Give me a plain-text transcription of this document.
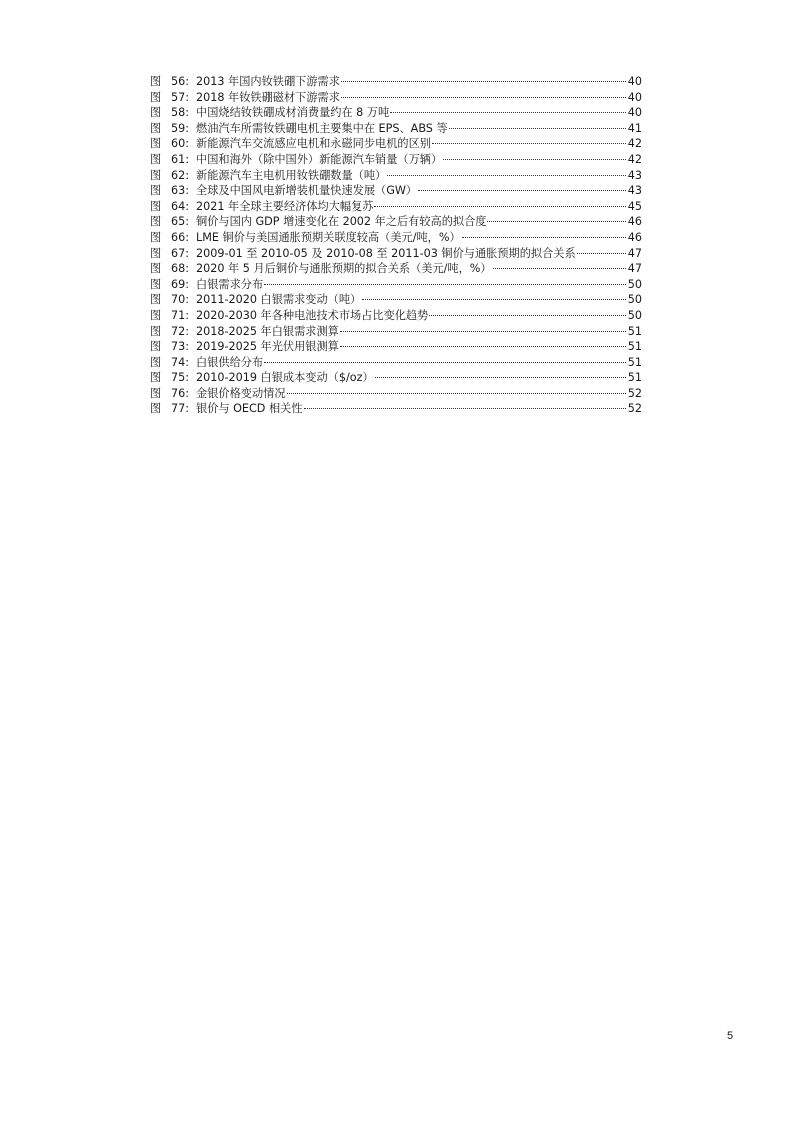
图 56: 2013 年国内钕铁硼下游需求	40
图 57: 2018 年钕铁硼磁材下游需求	40
图 58: 中国烧结钕铁硼成材消费量约在 8 万吨	40
图 59: 燃油汽车所需钕铁硼电机主要集中在 EPS、ABS 等	41
图 60: 新能源汽车交流感应电机和永磁同步电机的区别	42
图 61: 中国和海外（除中国外）新能源汽车销量（万辆）	42
图 62: 新能源汽车主电机用钕铁硼数量（吨）	43
图 63: 全球及中国风电新增装机量快速发展（GW）	43
图 64: 2021 年全球主要经济体均大幅复苏	45
图 65: 铜价与国内 GDP 增速变化在 2002 年之后有较高的拟合度	46
图 66: LME 铜价与美国通胀预期关联度较高（美元/吨，%）	46
图 67: 2009-01 至 2010-05 及 2010-08 至 2011-03 铜价与通胀预期的拟合关系	47
图 68: 2020 年 5 月后铜价与通胀预期的拟合关系（美元/吨，%）	47
图 69: 白银需求分布	50
图 70: 2011-2020 白银需求变动（吨）	50
图 71: 2020-2030 年各种电池技术市场占比变化趋势	50
图 72: 2018-2025 年白银需求测算	51
图 73: 2019-2025 年光伏用银测算	51
图 74: 白银供给分布	51
图 75: 2010-2019 白银成本变动（$/oz）	51
图 76: 金银价格变动情况	52
图 77: 银价与 OECD 相关性	52
5
